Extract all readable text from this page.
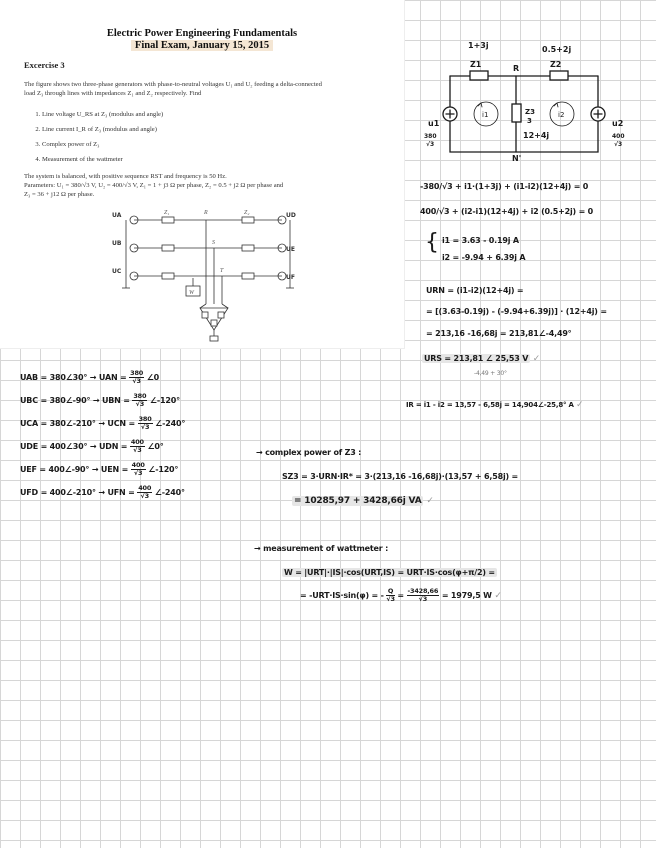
Electric Power Engineering Fundamentals
Final Exam, January 15, 2015
Excercise 3
The figure shows two three-phase generators with phase-to-neutral voltages U₁ and U₂ feeding a delta-connected
load Z₃ through lines with impedances Z₁ and Z₂ respectively. Find
1. Line voltage U_RS at Z₃ (modulus and angle)
2. Line current I_R of Z₃ (modulus and angle)
3. Complex power of Z₃
4. Measurement of the wattmeter
The system is balanced, with positive sequence RST and frequency is 50 Hz.
Parameters: U₁ = 380/√3 V, U₂ = 400/√3 V, Z₁ = 1 + j3 Ω per phase, Z₂ = 0.5 + j2 Ω per phase and
Z₃ = 36 + j12 Ω per phase.
UA
UB
UC
UD
UE
UF
Z₁	Z₂
R
S
T
W
1+3j	0.5+2j
Z1	Z2
R
N'
Z3
3
12+4j
i1	i2
u1	u2
380
√3
400
√3
-380/√3 + i1·(1+3j) + (i1-i2)(12+4j) = 0
400/√3 + (i2-i1)(12+4j) + i2 (0.5+2j) = 0
{ i1 = 3.63 - 0.19j A
i2 = -9.94 + 6.39j A
URN = (i1-i2)(12+4j) =
= [(3.63-0.19j) - (-9.94+6.39j)] · (12+4j) =
= 213,16 -16,68j = 213,81∠-4,49°
URS = 213,81 ∠ 25,53 V ✓
-4,49 + 30°
IR = i1 - i2 = 13,57 - 6,58j = 14,904∠-25,8° A ✓
UAB = 380∠30° → UAN = $\frac{380}{√3}$ ∠0
UBC = 380∠-90° → UBN = $\frac{380}{√3}$ ∠-120°
UCA = 380∠-210° → UCN = $\frac{380}{√3}$ ∠-240°
UDE = 400∠30° → UDN = $\frac{400}{√3}$ ∠0°
UEF = 400∠-90° → UEN = $\frac{400}{√3}$ ∠-120°
UFD = 400∠-210° → UFN = $\frac{400}{√3}$ ∠-240°
→ complex power of Z3 :
SZ3 = 3·URN·IR* = 3·(213,16 -16,68j)·(13,57 + 6,58j) =
= 10285,97 + 3428,66j VA ✓
→ measurement of wattmeter :
W = |URT|·|IS|·cos(URT,IS) = URT·IS·cos(φ+π/2) =
= -URT·IS·sin(φ) = - $\frac{Q}{√3} = \frac{-3428,66}{√3} = 1979,5$ W ✓
